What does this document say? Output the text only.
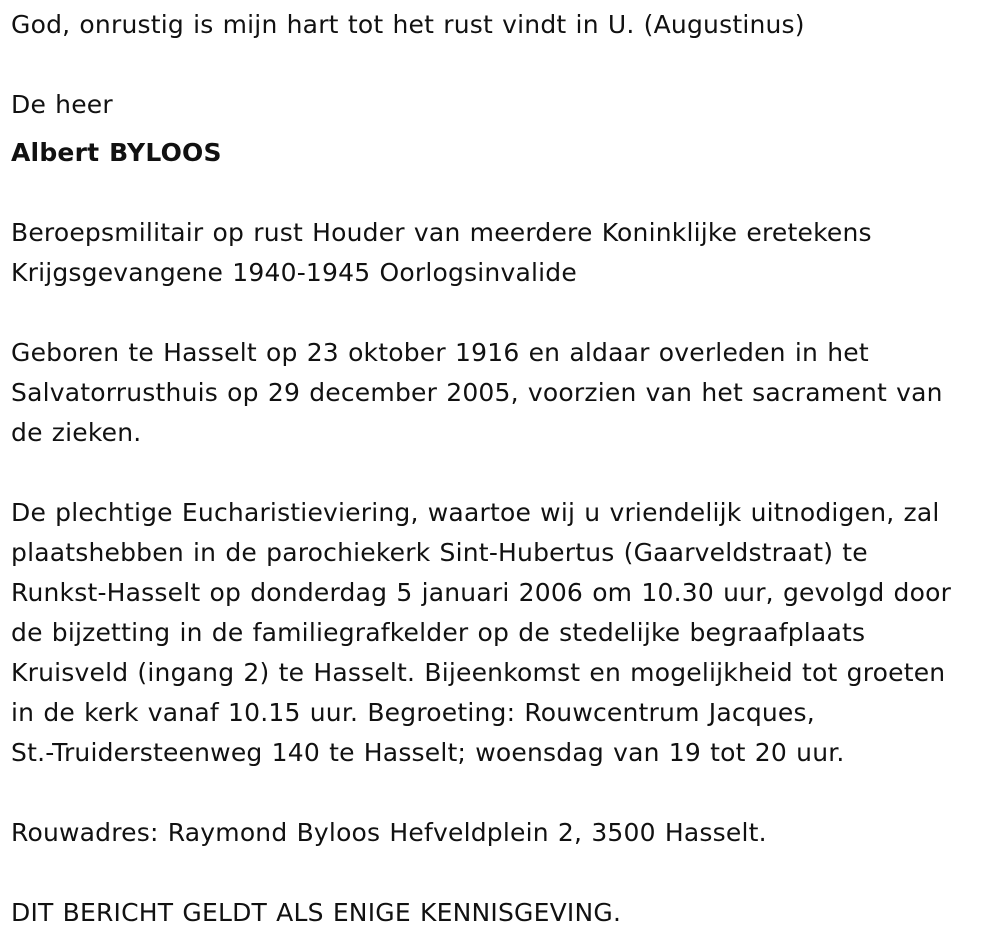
God, onrustig is mijn hart tot het rust vindt in U. (Augustinus)

De heer

Albert BYLOOS

Beroepsmilitair op rust Houder van meerdere Koninklijke eretekens
Krijgsgevangene 1940-1945 Oorlogsinvalide

Geboren te Hasselt op 23 oktober 1916 en aldaar overleden in het
Salvatorrusthuis op 29 december 2005, voorzien van het sacrament van
de zieken.

De plechtige Eucharistieviering, waartoe wij u vriendelijk uitnodigen, zal
plaatshebben in de parochiekerk Sint-Hubertus (Gaarveldstraat) te
Runkst-Hasselt op donderdag 5 januari 2006 om 10.30 uur, gevolgd door
de bijzetting in de familiegrafkelder op de stedelijke begraafplaats
Kruisveld (ingang 2) te Hasselt. Bijeenkomst en mogelijkheid tot groeten
in de kerk vanaf 10.15 uur. Begroeting: Rouwcentrum Jacques,
St.-Truidersteenweg 140 te Hasselt; woensdag van 19 tot 20 uur.

Rouwadres: Raymond Byloos Hefveldplein 2, 3500 Hasselt.

DIT BERICHT GELDT ALS ENIGE KENNISGEVING.
